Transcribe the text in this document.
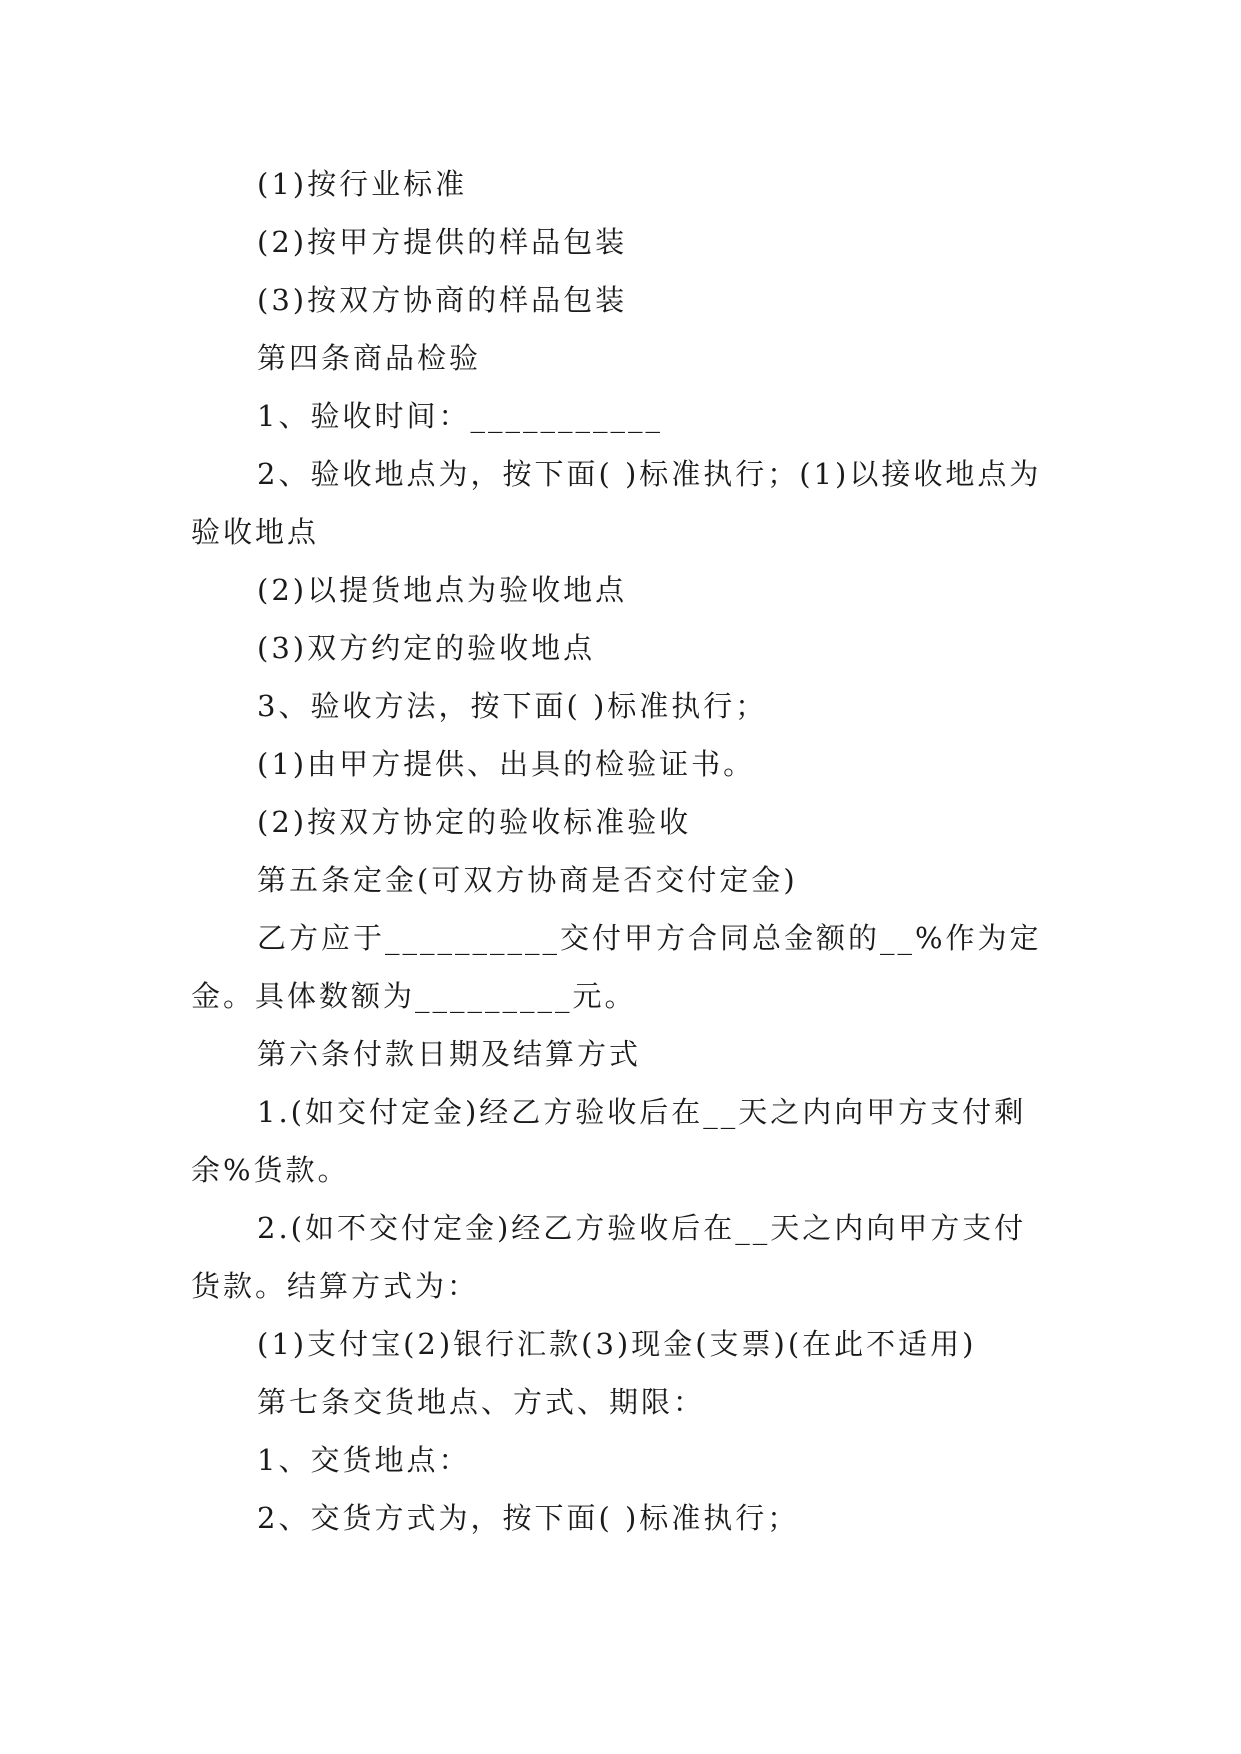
(1)按行业标准

(2)按甲方提供的样品包装

(3)按双方协商的样品包装

第四条商品检验

1、验收时间：___________

2、验收地点为，按下面( )标准执行；(1)以接收地点为验收地点

(2)以提货地点为验收地点

(3)双方约定的验收地点

3、验收方法，按下面( )标准执行；

(1)由甲方提供、出具的检验证书。

(2)按双方协定的验收标准验收

第五条定金(可双方协商是否交付定金)

乙方应于__________交付甲方合同总金额的__%作为定金。具体数额为_________元。

第六条付款日期及结算方式

1.(如交付定金)经乙方验收后在__天之内向甲方支付剩余%货款。

2.(如不交付定金)经乙方验收后在__天之内向甲方支付货款。结算方式为：

(1)支付宝(2)银行汇款(3)现金(支票)(在此不适用)

第七条交货地点、方式、期限：

1、交货地点：

2、交货方式为，按下面( )标准执行；
